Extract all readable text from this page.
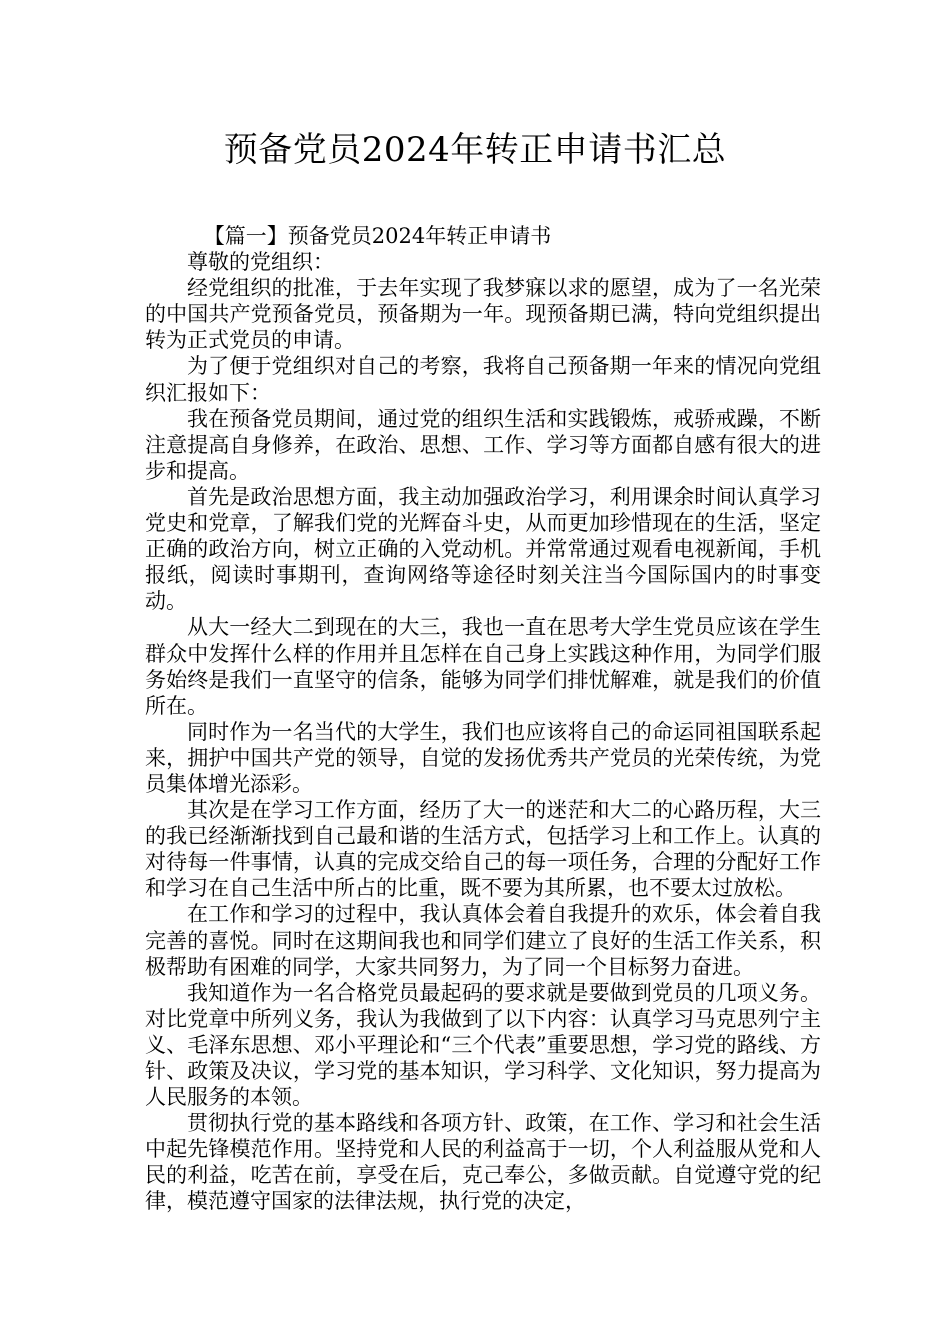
预备党员2024年转正申请书汇总

【篇一】预备党员2024年转正申请书

尊敬的党组织：

经党组织的批准，于去年实现了我梦寐以求的愿望，成为了一名光荣的中国共产党预备党员，预备期为一年。现预备期已满，特向党组织提出转为正式党员的申请。

为了便于党组织对自己的考察，我将自己预备期一年来的情况向党组织汇报如下：

我在预备党员期间，通过党的组织生活和实践锻炼，戒骄戒躁，不断注意提高自身修养，在政治、思想、工作、学习等方面都自感有很大的进步和提高。

首先是政治思想方面，我主动加强政治学习，利用课余时间认真学习党史和党章，了解我们党的光辉奋斗史，从而更加珍惜现在的生活，坚定正确的政治方向，树立正确的入党动机。并常常通过观看电视新闻，手机报纸，阅读时事期刊，查询网络等途径时刻关注当今国际国内的时事变动。

从大一经大二到现在的大三，我也一直在思考大学生党员应该在学生群众中发挥什么样的作用并且怎样在自己身上实践这种作用，为同学们服务始终是我们一直坚守的信条，能够为同学们排忧解难，就是我们的价值所在。

同时作为一名当代的大学生，我们也应该将自己的命运同祖国联系起来，拥护中国共产党的领导，自觉的发扬优秀共产党员的光荣传统，为党员集体增光添彩。

其次是在学习工作方面，经历了大一的迷茫和大二的心路历程，大三的我已经渐渐找到自己最和谐的生活方式，包括学习上和工作上。认真的对待每一件事情，认真的完成交给自己的每一项任务，合理的分配好工作和学习在自己生活中所占的比重，既不要为其所累，也不要太过放松。

在工作和学习的过程中，我认真体会着自我提升的欢乐，体会着自我完善的喜悦。同时在这期间我也和同学们建立了良好的生活工作关系，积极帮助有困难的同学，大家共同努力，为了同一个目标努力奋进。

我知道作为一名合格党员最起码的要求就是要做到党员的几项义务。对比党章中所列义务，我认为我做到了以下内容：认真学习马克思列宁主义、毛泽东思想、邓小平理论和“三个代表”重要思想，学习党的路线、方针、政策及决议，学习党的基本知识，学习科学、文化知识，努力提高为人民服务的本领。

贯彻执行党的基本路线和各项方针、政策，在工作、学习和社会生活中起先锋模范作用。坚持党和人民的利益高于一切，个人利益服从党和人民的利益，吃苦在前，享受在后，克己奉公，多做贡献。自觉遵守党的纪律，模范遵守国家的法律法规，执行党的决定，
